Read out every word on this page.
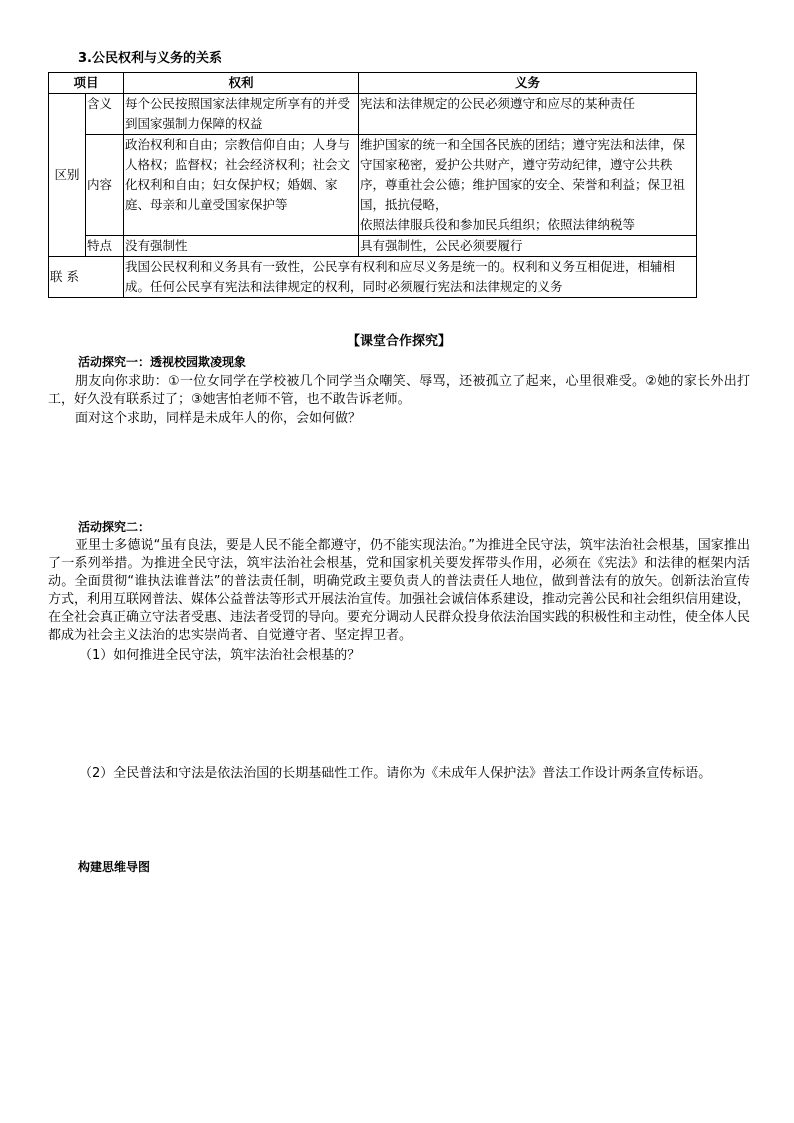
3.公民权利与义务的关系
项目		权利	义务

区别	含义	每个公民按照国家法律规定所享有的并受到国家强制力保障的权益	宪法和法律规定的公民必须遵守和应尽的某种责任
	内容	政治权利和自由；宗教信仰自由；人身与人格权；监督权；社会经济权利；社会文化权利和自由；妇女保护权；婚姻、家庭、母亲和儿童受国家保护等	维护国家的统一和全国各民族的团结；遵守宪法和法律，保守国家秘密，爱护公共财产，遵守劳动纪律，遵守公共秩序，尊重社会公德；维护国家的安全、荣誉和利益；保卫祖国，抵抗侵略，
依照法律服兵役和参加民兵组织；依照法律纳税等

	特点	没有强制性	具有强制性，公民必须要履行
联 系		我国公民权利和义务具有一致性，公民享有权利和应尽义务是统一的。权利和义务互相促进，相辅相成。任何公民享有宪法和法律规定的权利，同时必须履行宪法和法律规定的义务	
【课堂合作探究】
活动探究一：透视校园欺凌现象
朋友向你求助：①一位女同学在学校被几个同学当众嘲笑、辱骂，还被孤立了起来，心里很难受。②她的家长外出打工，好久没有联系过了；③她害怕老师不管，也不敢告诉老师。
面对这个求助，同样是未成年人的你，会如何做？
活动探究二：
亚里士多德说“虽有良法，要是人民不能全都遵守，仍不能实现法治。”为推进全民守法，筑牢法治社会根基，国家推出了一系列举措。为推进全民守法，筑牢法治社会根基，党和国家机关要发挥带头作用，必须在《宪法》和法律的框架内活动。全面贯彻“谁执法谁普法”的普法责任制，明确党政主要负责人的普法责任人地位，做到普法有的放矢。创新法治宣传方式，利用互联网普法、媒体公益普法等形式开展法治宣传。加强社会诚信体系建设，推动完善公民和社会组织信用建设，在全社会真正确立守法者受惠、违法者受罚的导向。要充分调动人民群众投身依法治国实践的积极性和主动性，使全体人民都成为社会主义法治的忠实崇尚者、自觉遵守者、坚定捍卫者。
（1）如何推进全民守法，筑牢法治社会根基的？
（2）全民普法和守法是依法治国的长期基础性工作。请你为《未成年人保护法》普法工作设计两条宣传标语。
构建思维导图
